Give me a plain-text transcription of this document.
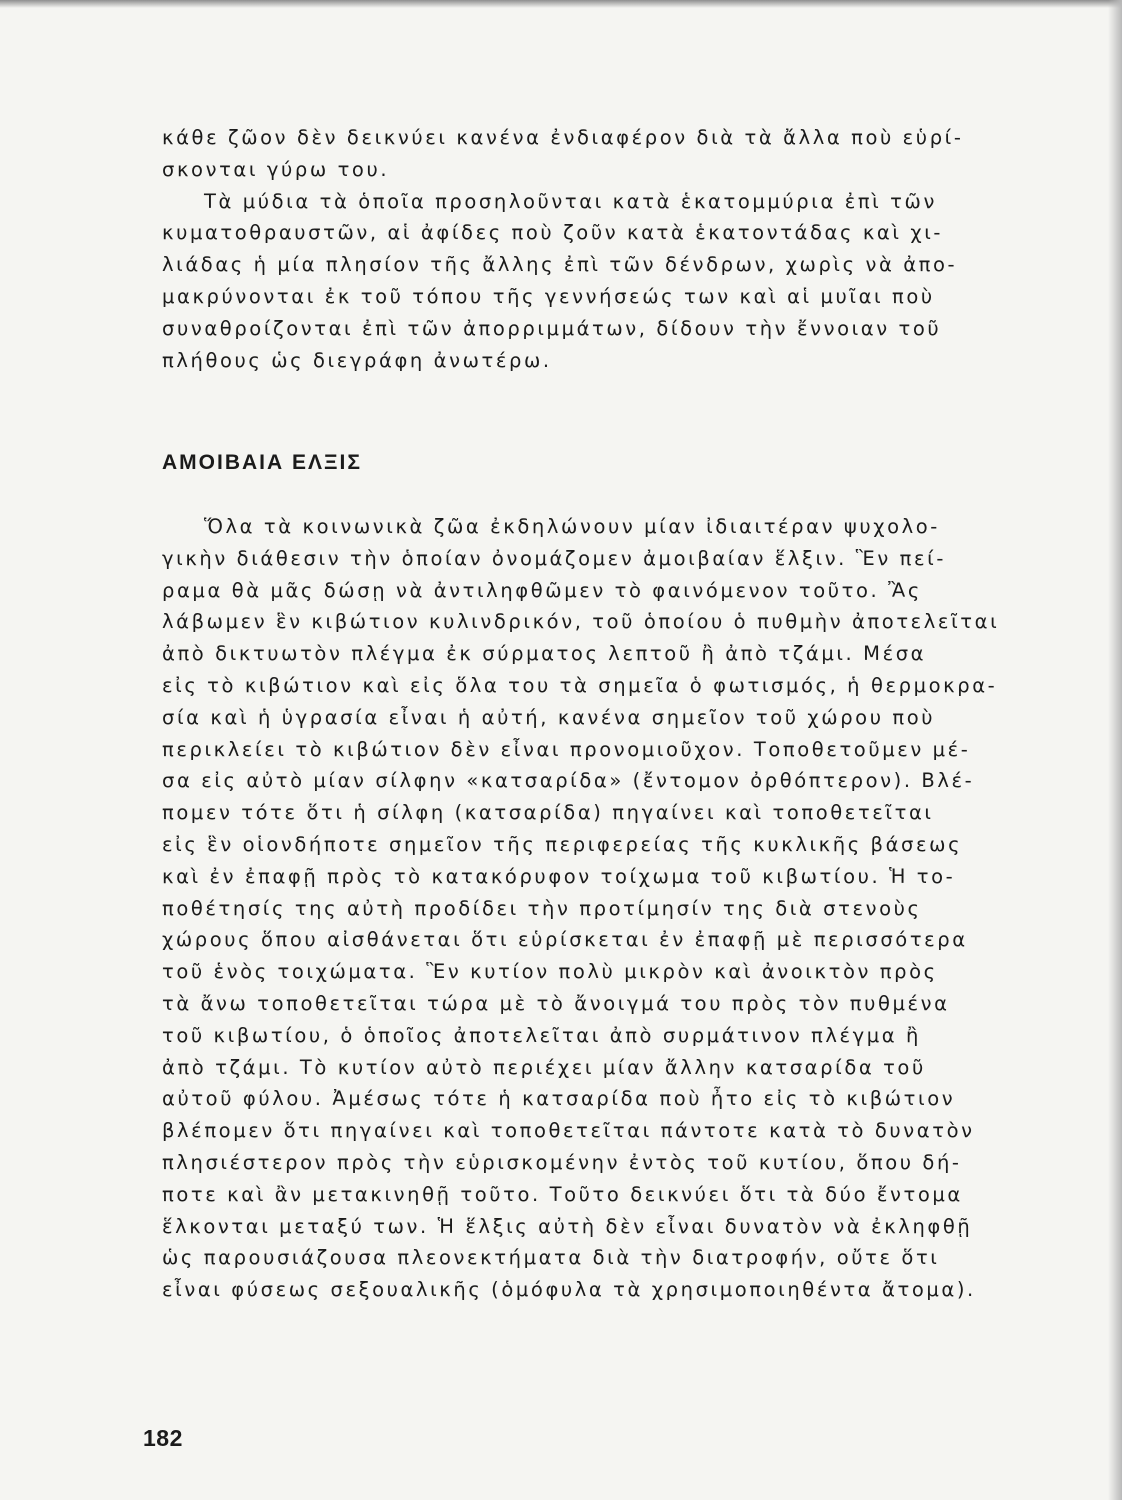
κάθε ζῶον δὲν δεικνύει κανένα ἐνδιαφέρον διὰ τὰ ἄλλα ποὺ εὑρί-
σκονται γύρω του.
Τὰ μύδια τὰ ὁποῖα προσηλοῦνται κατὰ ἑκατομμύρια ἐπὶ τῶν
κυματοθραυστῶν, αἱ ἀφίδες ποὺ ζοῦν κατὰ ἑκατοντάδας καὶ χι-
λιάδας ἡ μία πλησίον τῆς ἄλλης ἐπὶ τῶν δένδρων, χωρὶς νὰ ἀπο-
μακρύνονται ἐκ τοῦ τόπου τῆς γεννήσεώς των καὶ αἱ μυῖαι ποὺ
συναθροίζονται ἐπὶ τῶν ἀπορριμμάτων, δίδουν τὴν ἔννοιαν τοῦ
πλήθους ὡς διεγράφη ἀνωτέρω.
ΑΜΟΙΒΑΙΑ ΕΛΞΙΣ
Ὅλα τὰ κοινωνικὰ ζῶα ἐκδηλώνουν μίαν ἰδιαιτέραν ψυχολο-
γικὴν διάθεσιν τὴν ὁποίαν ὀνομάζομεν ἀμοιβαίαν ἕλξιν. Ἓν πεί-
ραμα θὰ μᾶς δώσῃ νὰ ἀντιληφθῶμεν τὸ φαινόμενον τοῦτο. Ἂς
λάβωμεν ἓν κιβώτιον κυλινδρικόν, τοῦ ὁποίου ὁ πυθμὴν ἀποτελεῖται
ἀπὸ δικτυωτὸν πλέγμα ἐκ σύρματος λεπτοῦ ἢ ἀπὸ τζάμι. Μέσα
εἰς τὸ κιβώτιον καὶ εἰς ὅλα του τὰ σημεῖα ὁ φωτισμός, ἡ θερμοκρα-
σία καὶ ἡ ὑγρασία εἶναι ἡ αὐτή, κανένα σημεῖον τοῦ χώρου ποὺ
περικλείει τὸ κιβώτιον δὲν εἶναι προνομιοῦχον. Τοποθετοῦμεν μέ-
σα εἰς αὐτὸ μίαν σίλφην «κατσαρίδα» (ἔντομον ὀρθόπτερον). Βλέ-
πομεν τότε ὅτι ἡ σίλφη (κατσαρίδα) πηγαίνει καὶ τοποθετεῖται
εἰς ἓν οἱονδήποτε σημεῖον τῆς περιφερείας τῆς κυκλικῆς βάσεως
καὶ ἐν ἐπαφῇ πρὸς τὸ κατακόρυφον τοίχωμα τοῦ κιβωτίου. Ἡ το-
ποθέτησίς της αὐτὴ προδίδει τὴν προτίμησίν της διὰ στενοὺς
χώρους ὅπου αἰσθάνεται ὅτι εὑρίσκεται ἐν ἐπαφῇ μὲ περισσότερα
τοῦ ἑνὸς τοιχώματα. Ἓν κυτίον πολὺ μικρὸν καὶ ἀνοικτὸν πρὸς
τὰ ἄνω τοποθετεῖται τώρα μὲ τὸ ἄνοιγμά του πρὸς τὸν πυθμένα
τοῦ κιβωτίου, ὁ ὁποῖος ἀποτελεῖται ἀπὸ συρμάτινον πλέγμα ἢ
ἀπὸ τζάμι. Τὸ κυτίον αὐτὸ περιέχει μίαν ἄλλην κατσαρίδα τοῦ
αὐτοῦ φύλου. Ἀμέσως τότε ἡ κατσαρίδα ποὺ ἦτο εἰς τὸ κιβώτιον
βλέπομεν ὅτι πηγαίνει καὶ τοποθετεῖται πάντοτε κατὰ τὸ δυνατὸν
πλησιέστερον πρὸς τὴν εὑρισκομένην ἐντὸς τοῦ κυτίου, ὅπου δή-
ποτε καὶ ἂν μετακινηθῇ τοῦτο. Τοῦτο δεικνύει ὅτι τὰ δύο ἔντομα
ἕλκονται μεταξύ των. Ἡ ἕλξις αὐτὴ δὲν εἶναι δυνατὸν νὰ ἐκληφθῇ
ὡς παρουσιάζουσα πλεονεκτήματα διὰ τὴν διατροφήν, οὔτε ὅτι
εἶναι φύσεως σεξουαλικῆς (ὁμόφυλα τὰ χρησιμοποιηθέντα ἄτομα).
182
